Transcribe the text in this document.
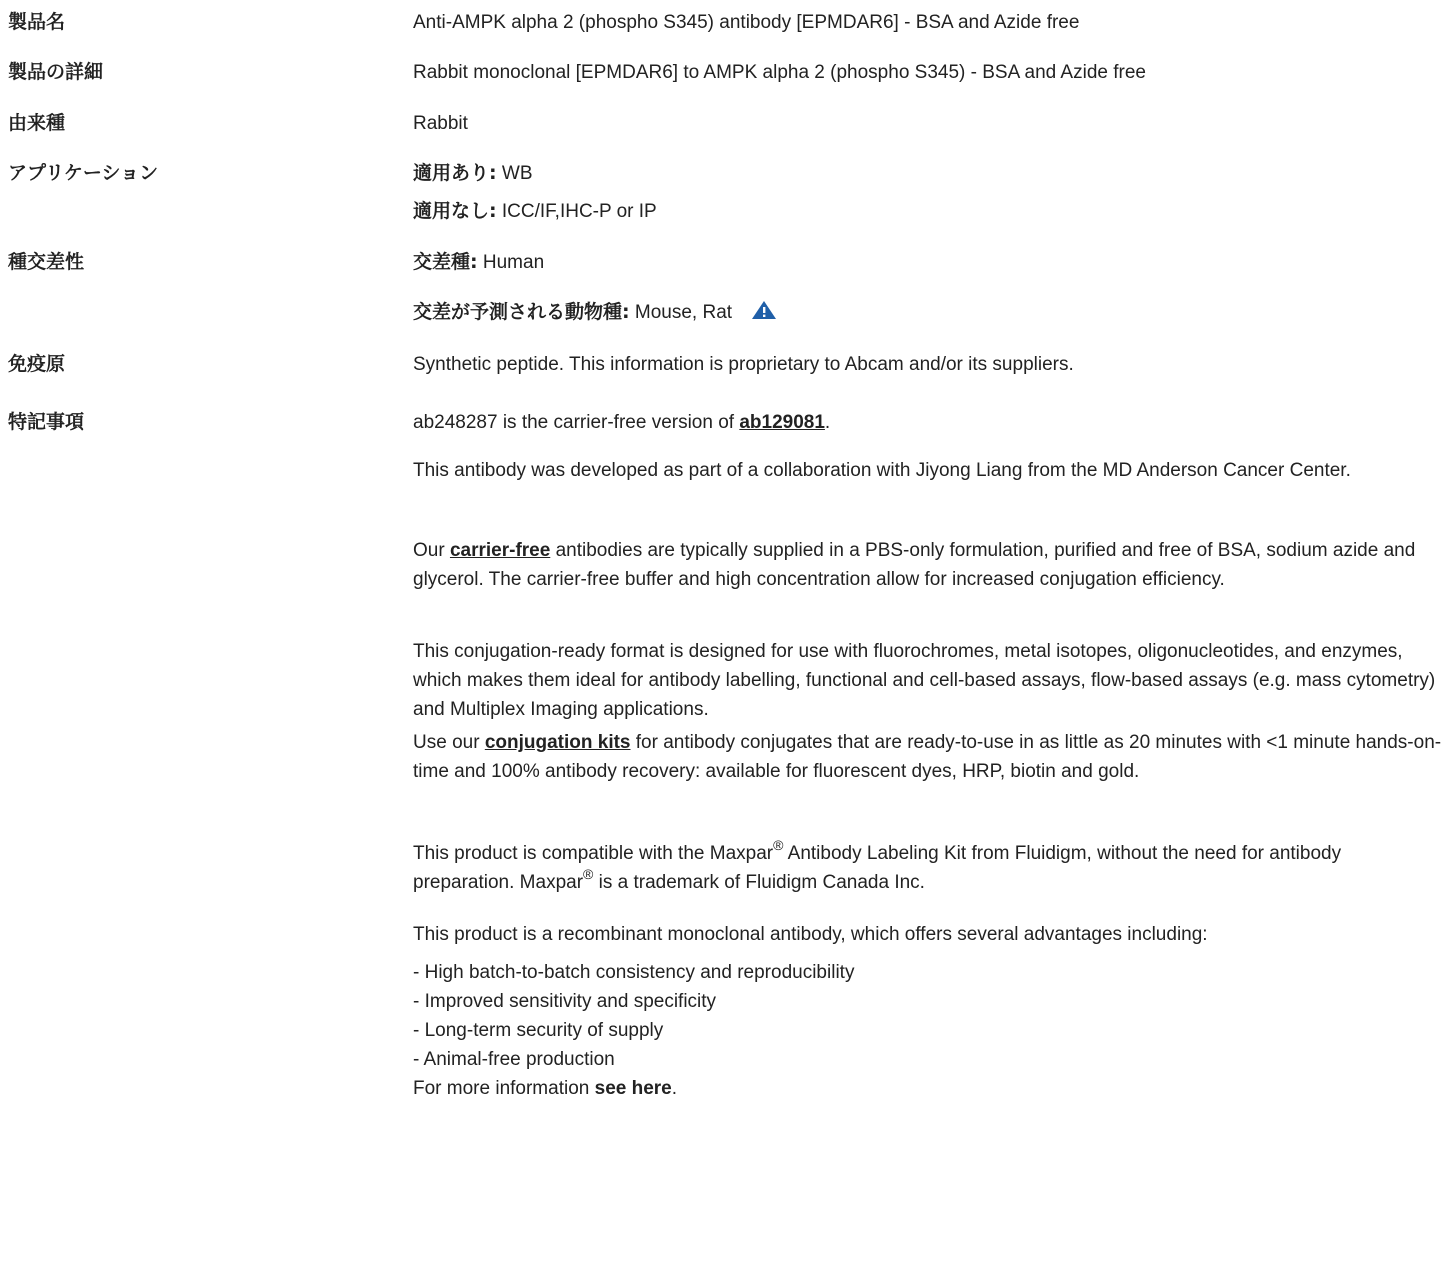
製品名	Anti-AMPK alpha 2 (phospho S345) antibody [EPMDAR6] - BSA and Azide free
製品の詳細	Rabbit monoclonal [EPMDAR6] to AMPK alpha 2 (phospho S345) - BSA and Azide free
由来種	Rabbit
アプリケーション	適用あり: WB
適用なし: ICC/IF,IHC-P or IP
種交差性	交差種: Human
交差が予測される動物種: Mouse, Rat
免疫原	Synthetic peptide. This information is proprietary to Abcam and/or its suppliers.
特記事項	ab248287 is the carrier-free version of ab129081.

This antibody was developed as part of a collaboration with Jiyong Liang from the MD Anderson Cancer Center.

Our carrier-free antibodies are typically supplied in a PBS-only formulation, purified and free of BSA, sodium azide and glycerol. The carrier-free buffer and high concentration allow for increased conjugation efficiency.

This conjugation-ready format is designed for use with fluorochromes, metal isotopes, oligonucleotides, and enzymes, which makes them ideal for antibody labelling, functional and cell-based assays, flow-based assays (e.g. mass cytometry) and Multiplex Imaging applications.

Use our conjugation kits for antibody conjugates that are ready-to-use in as little as 20 minutes with <1 minute hands-on-time and 100% antibody recovery: available for fluorescent dyes, HRP, biotin and gold.

This product is compatible with the Maxpar® Antibody Labeling Kit from Fluidigm, without the need for antibody preparation. Maxpar® is a trademark of Fluidigm Canada Inc.

This product is a recombinant monoclonal antibody, which offers several advantages including:

- High batch-to-batch consistency and reproducibility
- Improved sensitivity and specificity
- Long-term security of supply
- Animal-free production
For more information see here.
